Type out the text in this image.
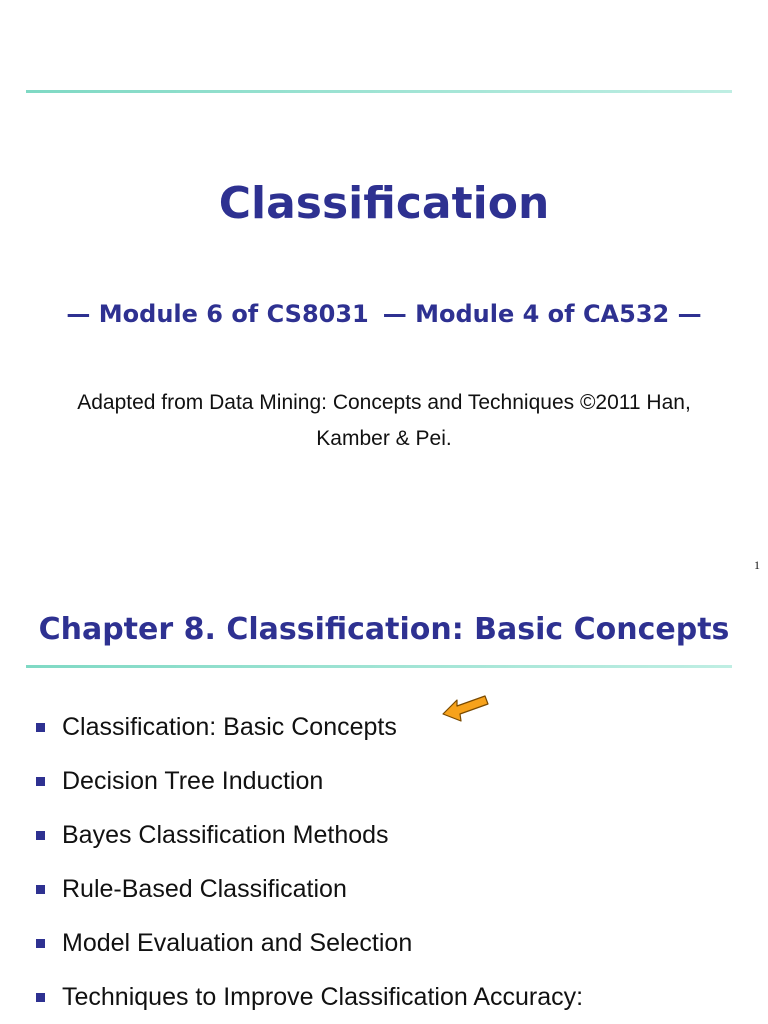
Classification
— Module 6 of CS8031 — Module 4 of CA532 —
Adapted from Data Mining: Concepts and Techniques ©2011 Han,
Kamber & Pei.
1
Chapter 8. Classification: Basic Concepts
Classification: Basic Concepts
Decision Tree Induction
Bayes Classification Methods
Rule-Based Classification
Model Evaluation and Selection
Techniques to Improve Classification Accuracy:
